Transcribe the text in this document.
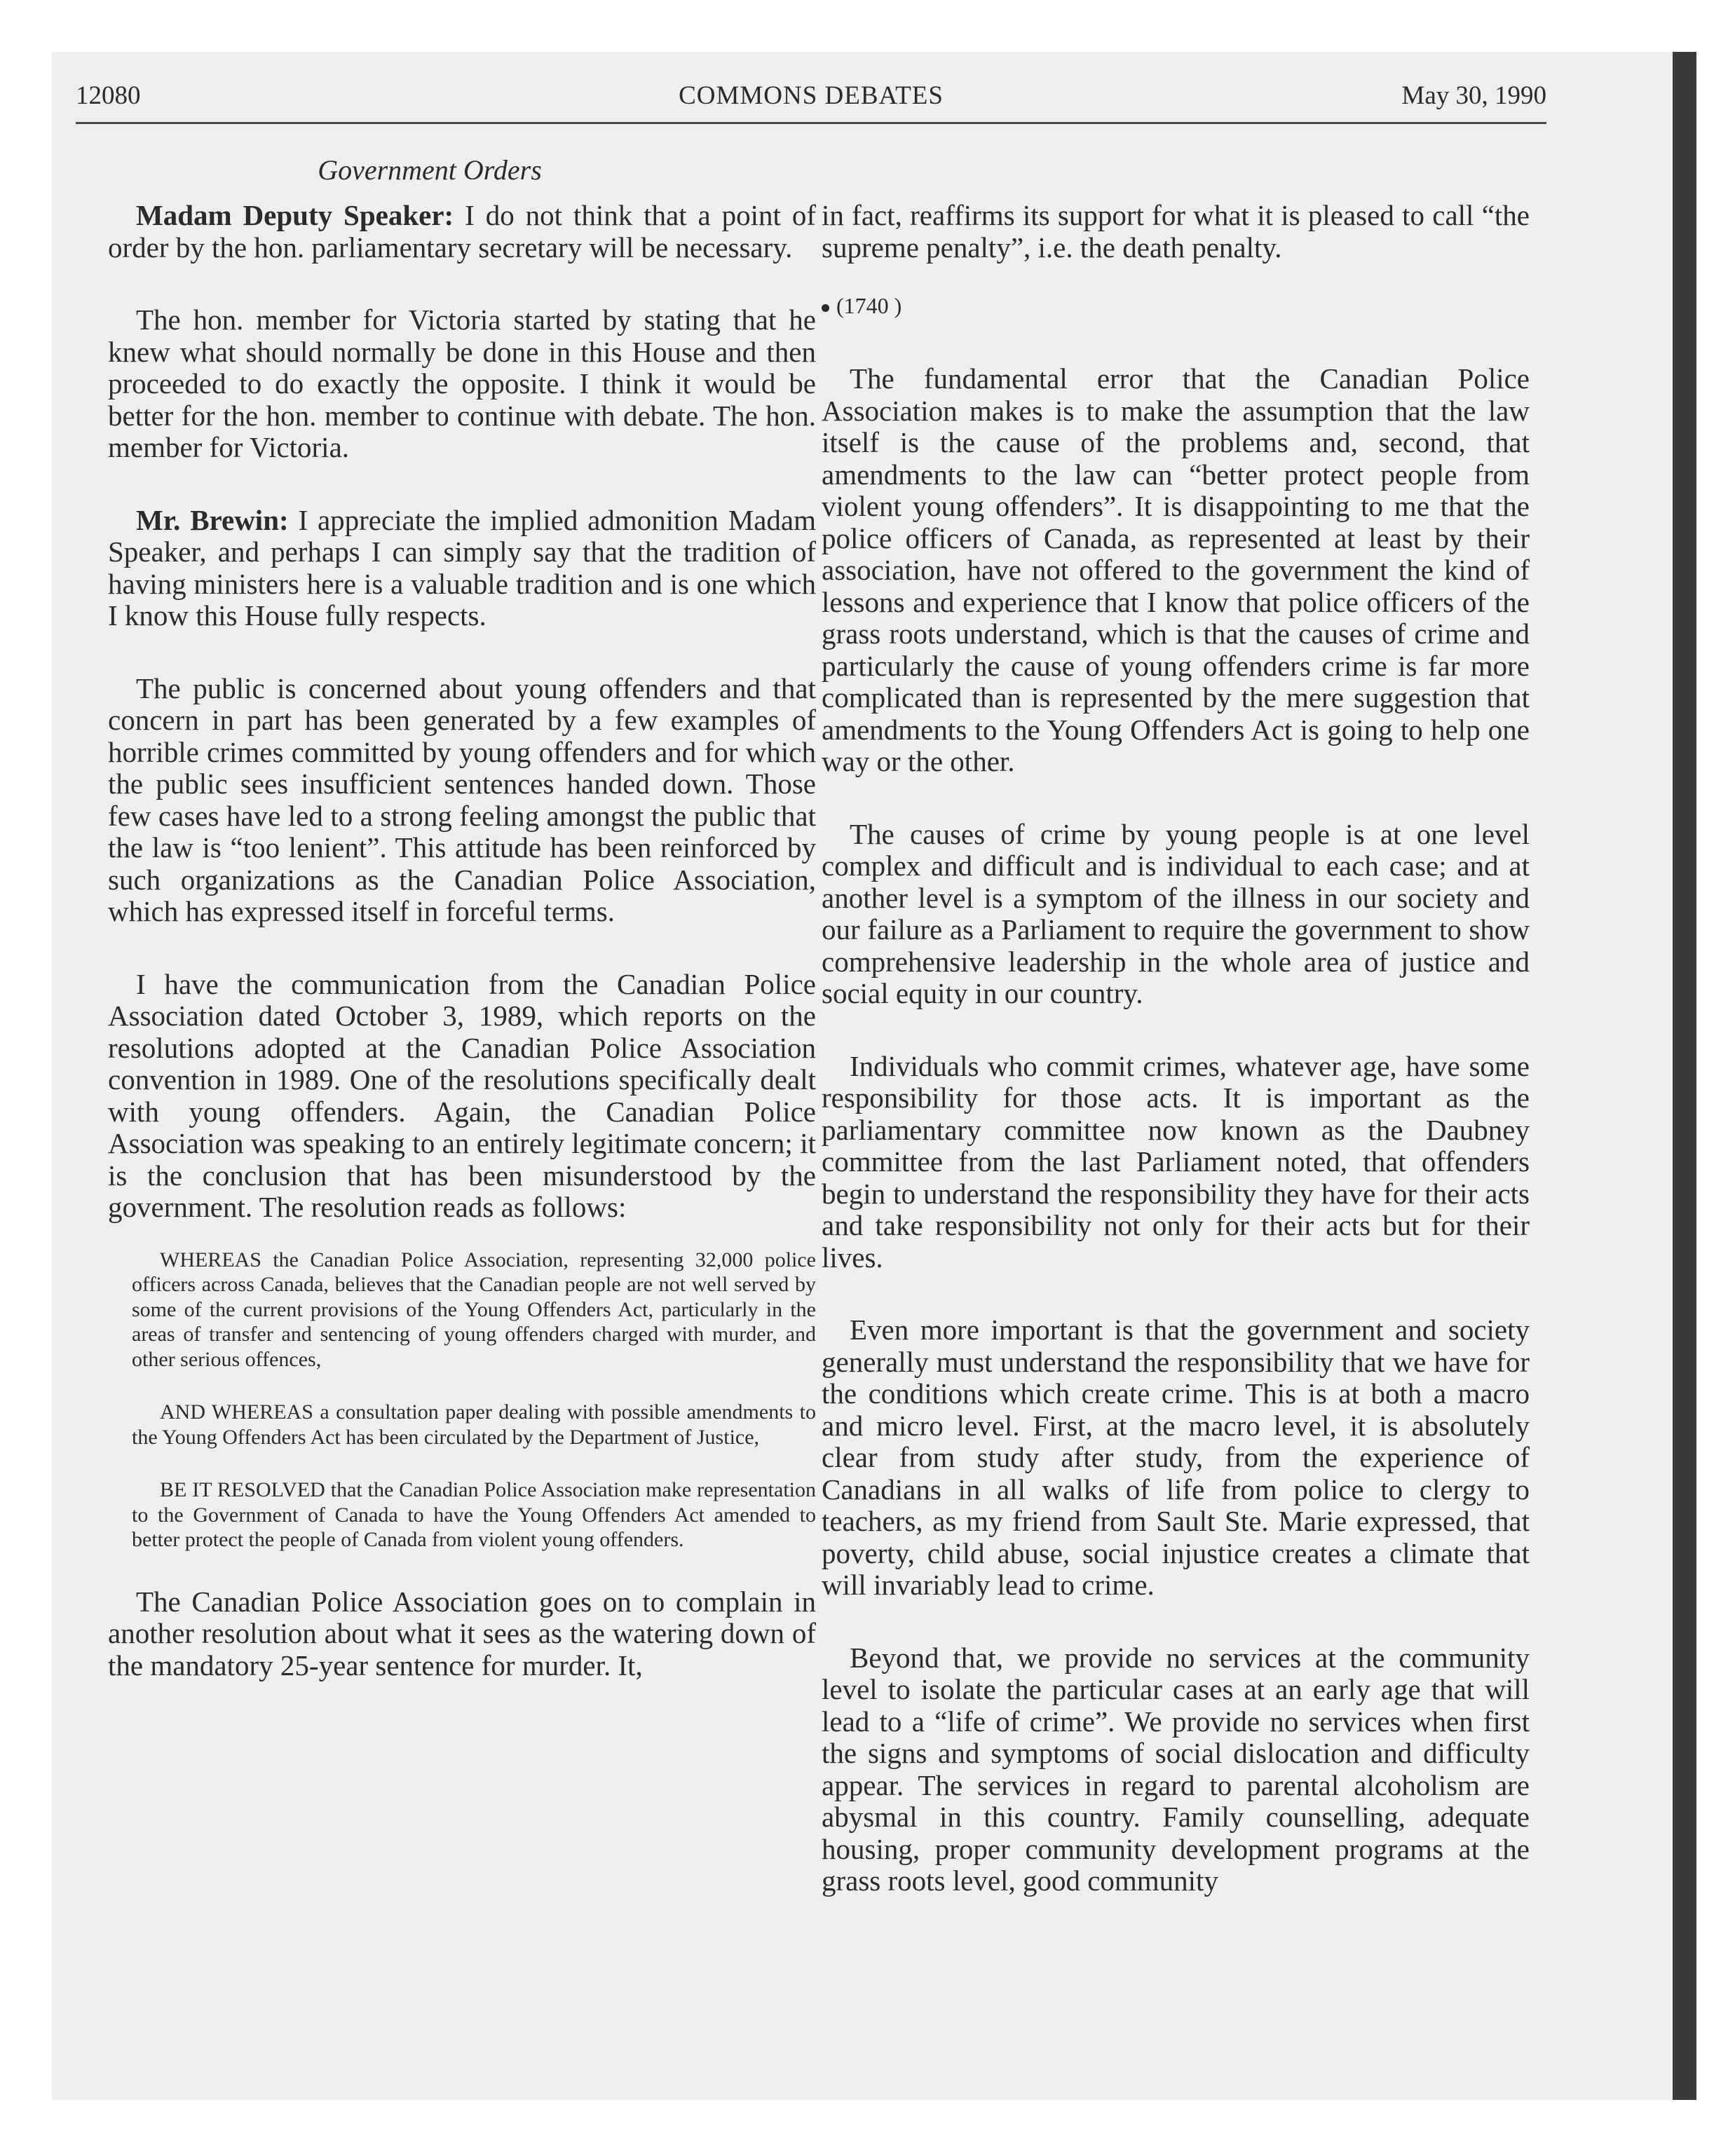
12080	COMMONS DEBATES	May 30, 1990
Government Orders

Madam Deputy Speaker: I do not think that a point of order by the hon. parliamentary secretary will be necessary.

The hon. member for Victoria started by stating that he knew what should normally be done in this House and then proceeded to do exactly the opposite. I think it would be better for the hon. member to continue with debate. The hon. member for Victoria.

Mr. Brewin: I appreciate the implied admonition Madam Speaker, and perhaps I can simply say that the tradition of having ministers here is a valuable tradition and is one which I know this House fully respects.

The public is concerned about young offenders and that concern in part has been generated by a few examples of horrible crimes committed by young offenders and for which the public sees insufficient sentences handed down. Those few cases have led to a strong feeling amongst the public that the law is “too lenient”. This attitude has been reinforced by such organizations as the Canadian Police Association, which has expressed itself in forceful terms.

I have the communication from the Canadian Police Association dated October 3, 1989, which reports on the resolutions adopted at the Canadian Police Association convention in 1989. One of the resolutions specifically dealt with young offenders. Again, the Canadian Police Association was speaking to an entirely legitimate concern; it is the conclusion that has been misunderstood by the government. The resolution reads as follows:

WHEREAS the Canadian Police Association, representing 32,000 police officers across Canada, believes that the Canadian people are not well served by some of the current provisions of the Young Offenders Act, particularly in the areas of transfer and sentencing of young offenders charged with murder, and other serious offences,

AND WHEREAS a consultation paper dealing with possible amendments to the Young Offenders Act has been circulated by the Department of Justice,

BE IT RESOLVED that the Canadian Police Association make representation to the Government of Canada to have the Young Offenders Act amended to better protect the people of Canada from violent young offenders.

The Canadian Police Association goes on to complain in another resolution about what it sees as the watering down of the mandatory 25-year sentence for murder. It,

in fact, reaffirms its support for what it is pleased to call “the supreme penalty”, i.e. the death penalty.

(1740 )

The fundamental error that the Canadian Police Association makes is to make the assumption that the law itself is the cause of the problems and, second, that amendments to the law can “better protect people from violent young offenders”. It is disappointing to me that the police officers of Canada, as represented at least by their association, have not offered to the government the kind of lessons and experience that I know that police officers of the grass roots understand, which is that the causes of crime and particularly the cause of young offenders crime is far more complicated than is represented by the mere suggestion that amendments to the Young Offenders Act is going to help one way or the other.

The causes of crime by young people is at one level complex and difficult and is individual to each case; and at another level is a symptom of the illness in our society and our failure as a Parliament to require the government to show comprehensive leadership in the whole area of justice and social equity in our country.

Individuals who commit crimes, whatever age, have some responsibility for those acts. It is important as the parliamentary committee now known as the Daubney committee from the last Parliament noted, that offenders begin to understand the responsibility they have for their acts and take responsibility not only for their acts but for their lives.

Even more important is that the government and society generally must understand the responsibility that we have for the conditions which create crime. This is at both a macro and micro level. First, at the macro level, it is absolutely clear from study after study, from the experience of Canadians in all walks of life from police to clergy to teachers, as my friend from Sault Ste. Marie expressed, that poverty, child abuse, social injustice creates a climate that will invariably lead to crime.

Beyond that, we provide no services at the community level to isolate the particular cases at an early age that will lead to a “life of crime”. We provide no services when first the signs and symptoms of social dislocation and difficulty appear. The services in regard to parental alcoholism are abysmal in this country. Family counselling, adequate housing, proper community development programs at the grass roots level, good community
